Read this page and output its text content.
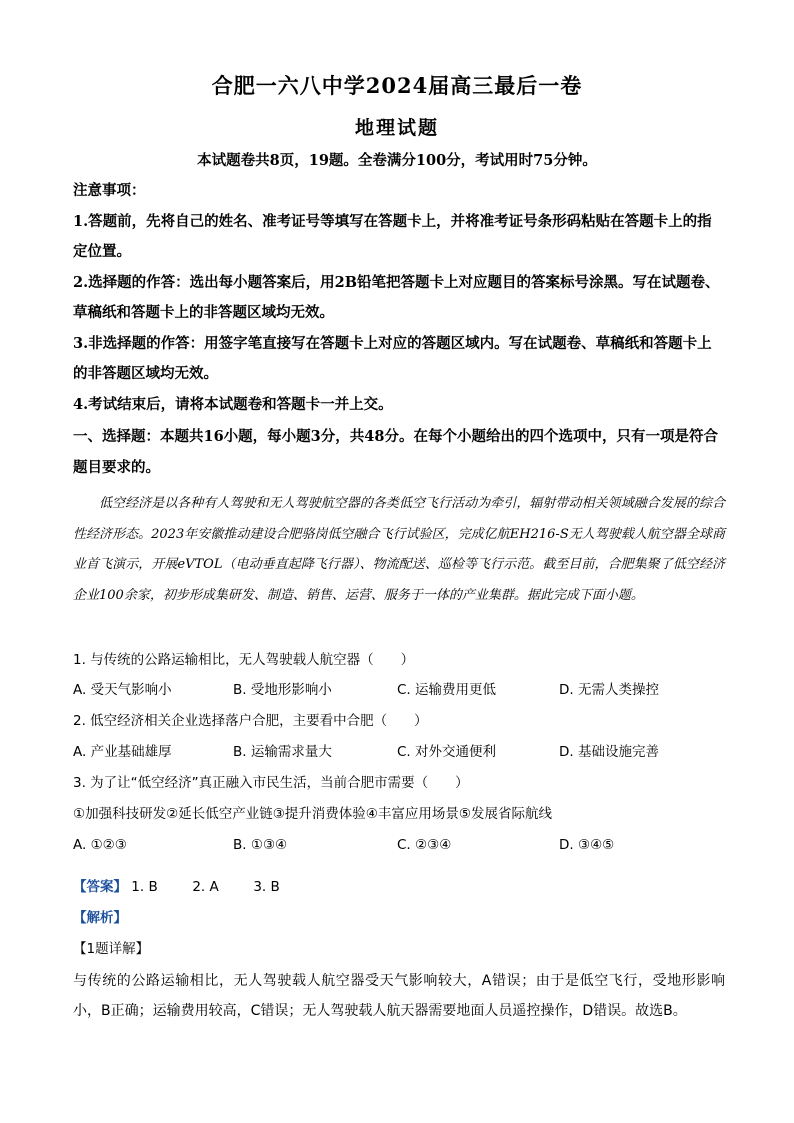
合肥一六八中学2024届高三最后一卷
地理试题
本试题卷共8页，19题。全卷满分100分，考试用时75分钟。

注意事项：

1.答题前，先将自己的姓名、准考证号等填写在答题卡上，并将准考证号条形码粘贴在答题卡上的指定位置。

2.选择题的作答：选出每小题答案后，用2B铅笔把答题卡上对应题目的答案标号涂黑。写在试题卷、草稿纸和答题卡上的非答题区域均无效。

3.非选择题的作答：用签字笔直接写在答题卡上对应的答题区域内。写在试题卷、草稿纸和答题卡上的非答题区域均无效。

4.考试结束后，请将本试题卷和答题卡一并上交。

一、选择题：本题共16小题，每小题3分，共48分。在每个小题给出的四个选项中，只有一项是符合题目要求的。

低空经济是以各种有人驾驶和无人驾驶航空器的各类低空飞行活动为牵引，辐射带动相关领域融合发展的综合性经济形态。2023年安徽推动建设合肥骆岗低空融合飞行试验区，完成亿航EH216-S无人驾驶载人航空器全球商业首飞演示，开展eVTOL（电动垂直起降飞行器）、物流配送、巡检等飞行示范。截至目前，合肥集聚了低空经济企业100余家，初步形成集研发、制造、销售、运营、服务于一体的产业集群。据此完成下面小题。
1. 与传统的公路运输相比，无人驾驶载人航空器（　　）
A. 受天气影响小	B. 受地形影响小	C. 运输费用更低	D. 无需人类操控
2. 低空经济相关企业选择落户合肥，主要看中合肥（　　）
A. 产业基础雄厚	B. 运输需求量大	C. 对外交通便利	D. 基础设施完善
3. 为了让“低空经济”真正融入市民生活，当前合肥市需要（　　）
①加强科技研发②延长低空产业链③提升消费体验④丰富应用场景⑤发展省际航线
A. ①②③	B. ①③④	C. ②③④	D. ③④⑤
【答案】 1. B	2. A	3. B
【解析】
【1题详解】
与传统的公路运输相比，无人驾驶载人航空器受天气影响较大，A错误；由于是低空飞行，受地形影响小，B正确；运输费用较高，C错误；无人驾驶载人航天器需要地面人员遥控操作，D错误。故选B。
